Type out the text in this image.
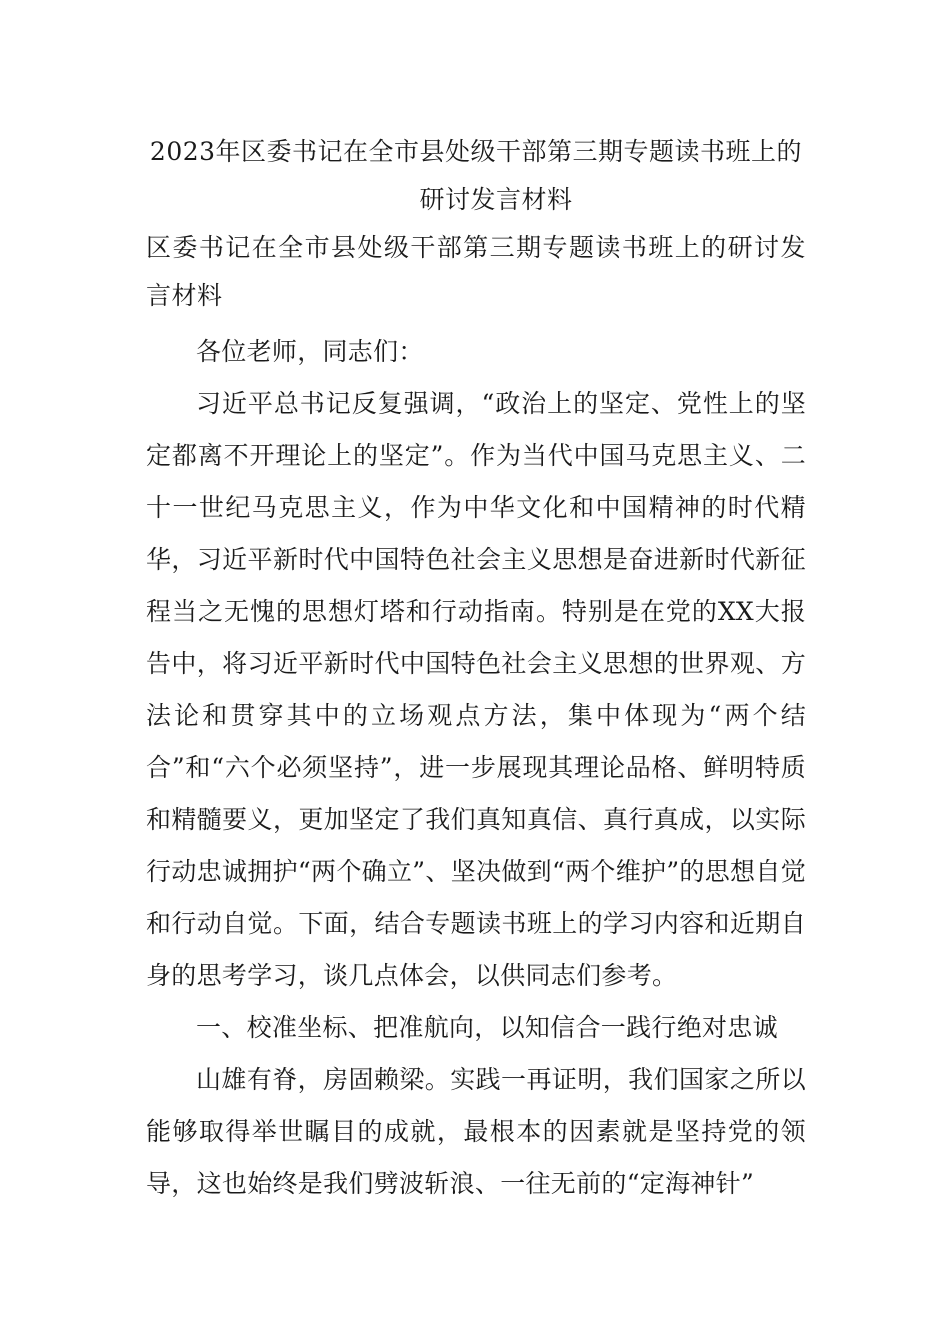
2023年区委书记在全市县处级干部第三期专题读书班上的
研讨发言材料

区委书记在全市县处级干部第三期专题读书班上的研讨发言材料

各位老师，同志们：

习近平总书记反复强调，“政治上的坚定、党性上的坚定都离不开理论上的坚定”。作为当代中国马克思主义、二十一世纪马克思主义，作为中华文化和中国精神的时代精华，习近平新时代中国特色社会主义思想是奋进新时代新征程当之无愧的思想灯塔和行动指南。特别是在党的XX大报告中，将习近平新时代中国特色社会主义思想的世界观、方法论和贯穿其中的立场观点方法，集中体现为“两个结合”和“六个必须坚持”，进一步展现其理论品格、鲜明特质和精髓要义，更加坚定了我们真知真信、真行真成，以实际行动忠诚拥护“两个确立”、坚决做到“两个维护”的思想自觉和行动自觉。下面，结合专题读书班上的学习内容和近期自身的思考学习，谈几点体会，以供同志们参考。

一、校准坐标、把准航向，以知信合一践行绝对忠诚

山雄有脊，房固赖梁。实践一再证明，我们国家之所以能够取得举世瞩目的成就，最根本的因素就是坚持党的领导，这也始终是我们劈波斩浪、一往无前的“定海神针”
